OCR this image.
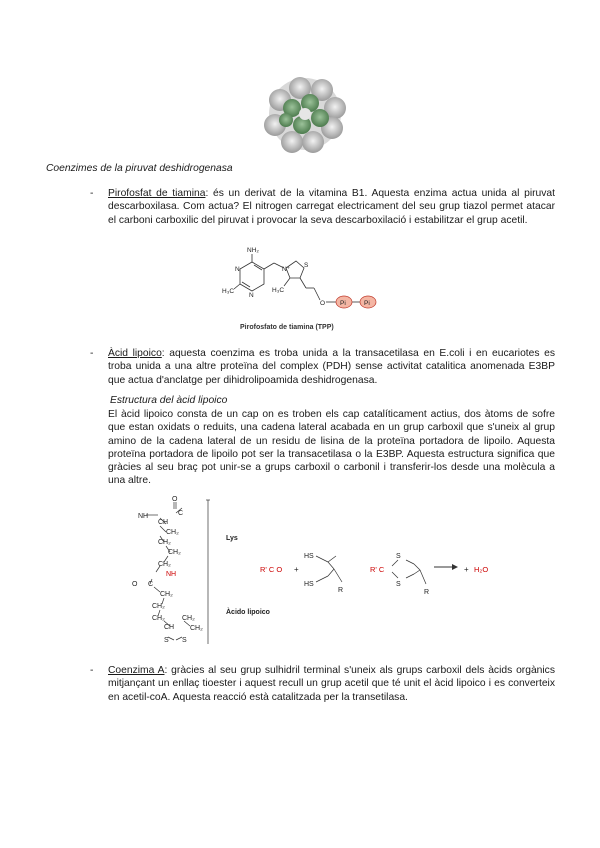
Coenzimes de la piruvat deshidrogenasa
- Pirofosfat de tiamina: és un derivat de la vitamina B1. Aquesta enzima actua unida al piruvat descarboxilasa. Com actua? El nitrogen carregat electricament del seu grup tiazol permet atacar el carboni carboxilic del piruvat i provocar la seva descarboxilació i estabilitzar el grup acetil.
NH₂
N
N
N⁺
S
H₃C	H₃C
O Pi	Pi
Pirofosfato de tiamina (TPP)
- Àcid lipoico: aquesta coenzima es troba unida a la transacetilasa en E.coli i en eucariotes es troba unida a una altre proteïna del complex (PDH) sense activitat catalitica anomenada E3BP que actua d'anclatge per dihidrolipoamida deshidrogenasa.
Estructura del àcid lipoico
El àcid lipoico consta de un cap on es troben els cap catalíticament actius, dos àtoms de sofre que estan oxidats o reduits, una cadena lateral acabada en un grup carboxil que s'uneix al grup amino de la cadena lateral de un residu de lisina de la proteïna portadora de lipoilo. Aquesta proteïna portadora de lipoilo pot ser la transacetilasa o la E3BP. Aquesta estructura significa que gràcies al seu braç pot unir-se a grups carboxil o carbonil i transferir-los desde una molècula a una altre.
O
NH
CH
C
CH₂
CH₂
CH₂
CH₂
NH
O C
CH₂
CH₂
CH₂ CH₂
CH CH₂
S S
Lys
Àcido lipoico
R' C O +
HS
HS
R
R' C
S
S
R
+ H₂O
- Coenzima A: gràcies al seu grup sulhidril terminal s'uneix als grups carboxil dels àcids orgànics mitjançant un enllaç tioester i aquest recull un grup acetil que té unit el àcid lipoico i es converteix en acetil-coA. Aquesta reacció està catalitzada per la transetilasa.
